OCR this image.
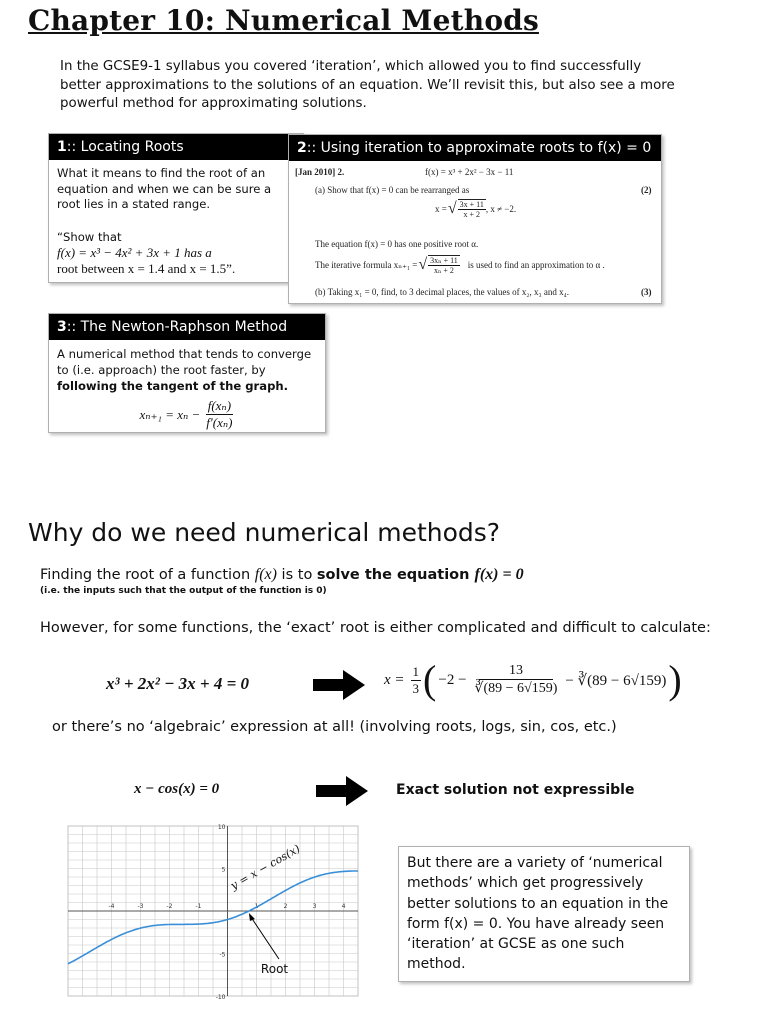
Chapter 10: Numerical Methods
In the GCSE9-1 syllabus you covered ‘iteration’, which allowed you to find successfully better approximations to the solutions of an equation. We’ll revisit this, but also see a more powerful method for approximating solutions.
1:: Locating Roots
What it means to find the root of an equation and when we can be sure a root lies in a stated range.
“Show that
f(x) = x³ − 4x² + 3x + 1 has a
root between x = 1.4 and x = 1.5”.
2:: Using iteration to approximate roots to f(x) = 0
[Jan 2010] 2.	f(x) = x³ + 2x² − 3x − 11
(a) Show that f(x) = 0 can be rearranged as	(2)
x = √ $\frac{3x + 11}{x + 2}$ , x ≠ −2.
The equation f(x) = 0 has one positive root α.
The iterative formula xₙ₊₁ = √ $\frac{\text{3xₙ + 11}}{\text{xₙ + 2}}$ is used to find an approximation to α .
(b) Taking x₁ = 0, find, to 3 decimal places, the values of x₂, x₃ and x₄.	(3)
3:: The Newton-Raphson Method
A numerical method that tends to converge to (i.e. approach) the root faster, by following the tangent of the graph.
$x_{n+1} = x_n - \frac{\text{f(xₙ)}}{\text{f′(xₙ)}}$
Why do we need numerical methods?
Finding the root of a function f(x) is to solve the equation f(x) = 0
(i.e. the inputs such that the output of the function is 0)
However, for some functions, the ‘exact’ root is either complicated and difficult to calculate:
x³ + 2x² − 3x + 4 = 0	$x = \frac{1}{3}$ ( $-2 - \frac{13}{∛(89 - 6√159)}$ − ∛(89 − 6√159) )
or there’s no ‘algebraic’ expression at all! (involving roots, logs, sin, cos, etc.)
x − cos(x) = 0	Exact solution not expressible
-4	-3	-2	-1	1	2	3	4
10
5
-5
-10
y = x − cos(x)
Root
But there are a variety of ‘numerical methods’ which get progressively better solutions to an equation in the form f(x) = 0. You have already seen ‘iteration’ at GCSE as one such method.
